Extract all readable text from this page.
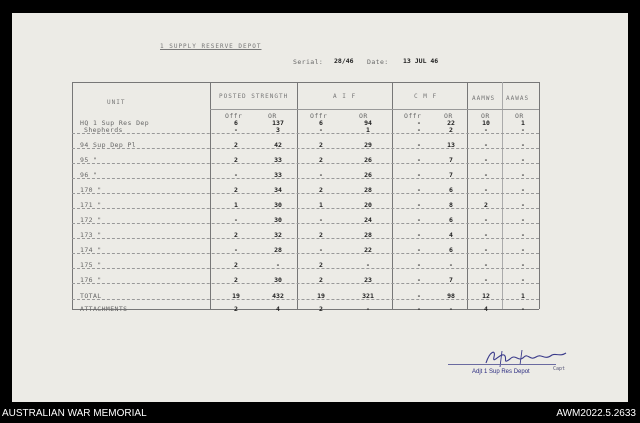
1 SUPPLY RESERVE DEPOT
Serial: 28/46 Date: 13 JUL 46
UNIT
POSTED STRENGTH	A I F	C M F	AAMWS AAWAS
Offr	OR	Offr	OR	Offr	OR	OR	OR
HQ 1 Sup Res Dep	6	137	6	94	-	22	10	1
Shepherds	-	3	-	1	-	2	-	-
94 Sup Dep Pl	2	42	2	29	-	13	-	-
95 "	2	33	2	26	-	7	-	-
96 "	-	33	-	26	-	7	-	-
170 "	2	34	2	28	-	6	-	-
171 "	1	30	1	20	-	8	2	-
172 "	-	30	-	24	-	6	-	-
173 "	2	32	2	28	-	4	-	-
174 "	-	28	-	22	-	6	-	-
175 "	2	-	2	-	-	-	-	-
176 "	2	30	2	23	-	7	-	-
TOTAL	19	432	19	321	-	98	12	1
ATTACHMENTS	2	4	2	-	-	-	4	-
Capt
Adjt 1 Sup Res Depot
AUSTRALIAN WAR MEMORIAL	AWM2022.5.2633
